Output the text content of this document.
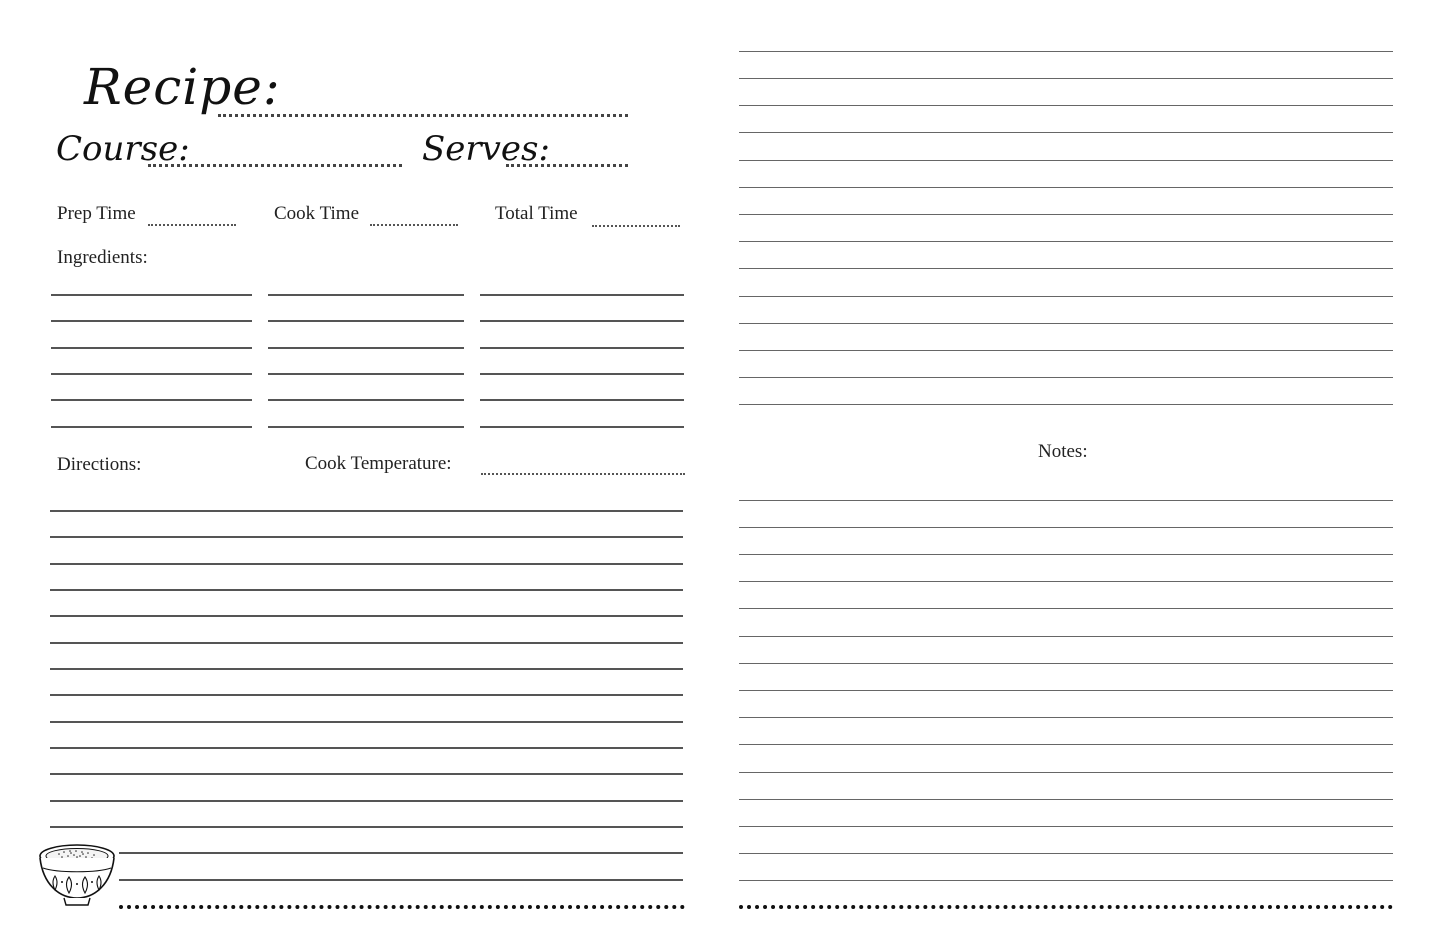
Recipe:
Course:	Serves:
Prep Time	Cook Time	Total Time
Ingredients:
Directions:	Cook Temperature:
Notes:
